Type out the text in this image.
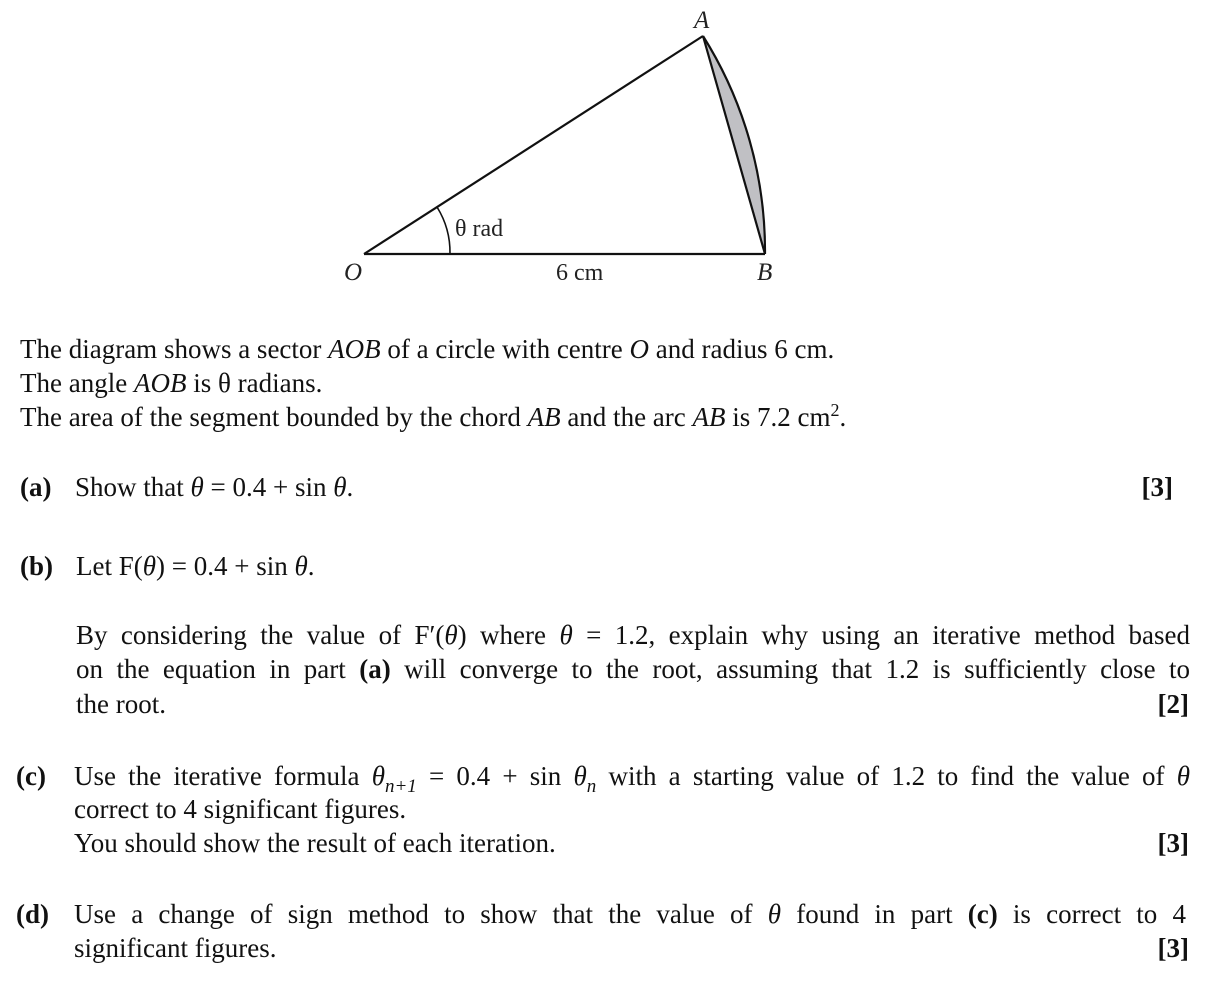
A
B
O	6 cm
θ rad
The diagram shows a sector AOB of a circle with centre O and radius 6 cm.
The angle AOB is θ radians.
The area of the segment bounded by the chord AB and the arc AB is 7.2 $cm^2$.
(a) Show that θ = 0.4 + sin θ.	[3]
(b) Let F(θ) = 0.4 + sin θ.
By considering the value of F′(θ) where θ = 1.2, explain why using an iterative method based
on the equation in part (a) will converge to the root, assuming that 1.2 is sufficiently close to
the root.	[2]
(c) Use the iterative formula $\theta_{n+1} = 0.4 + \sin \theta_n$ with a starting value of 1.2 to find the value of θ
correct to 4 significant figures.
You should show the result of each iteration.	[3]
(d) Use a change of sign method to show that the value of θ found in part (c) is correct to 4
significant figures.	[3]
